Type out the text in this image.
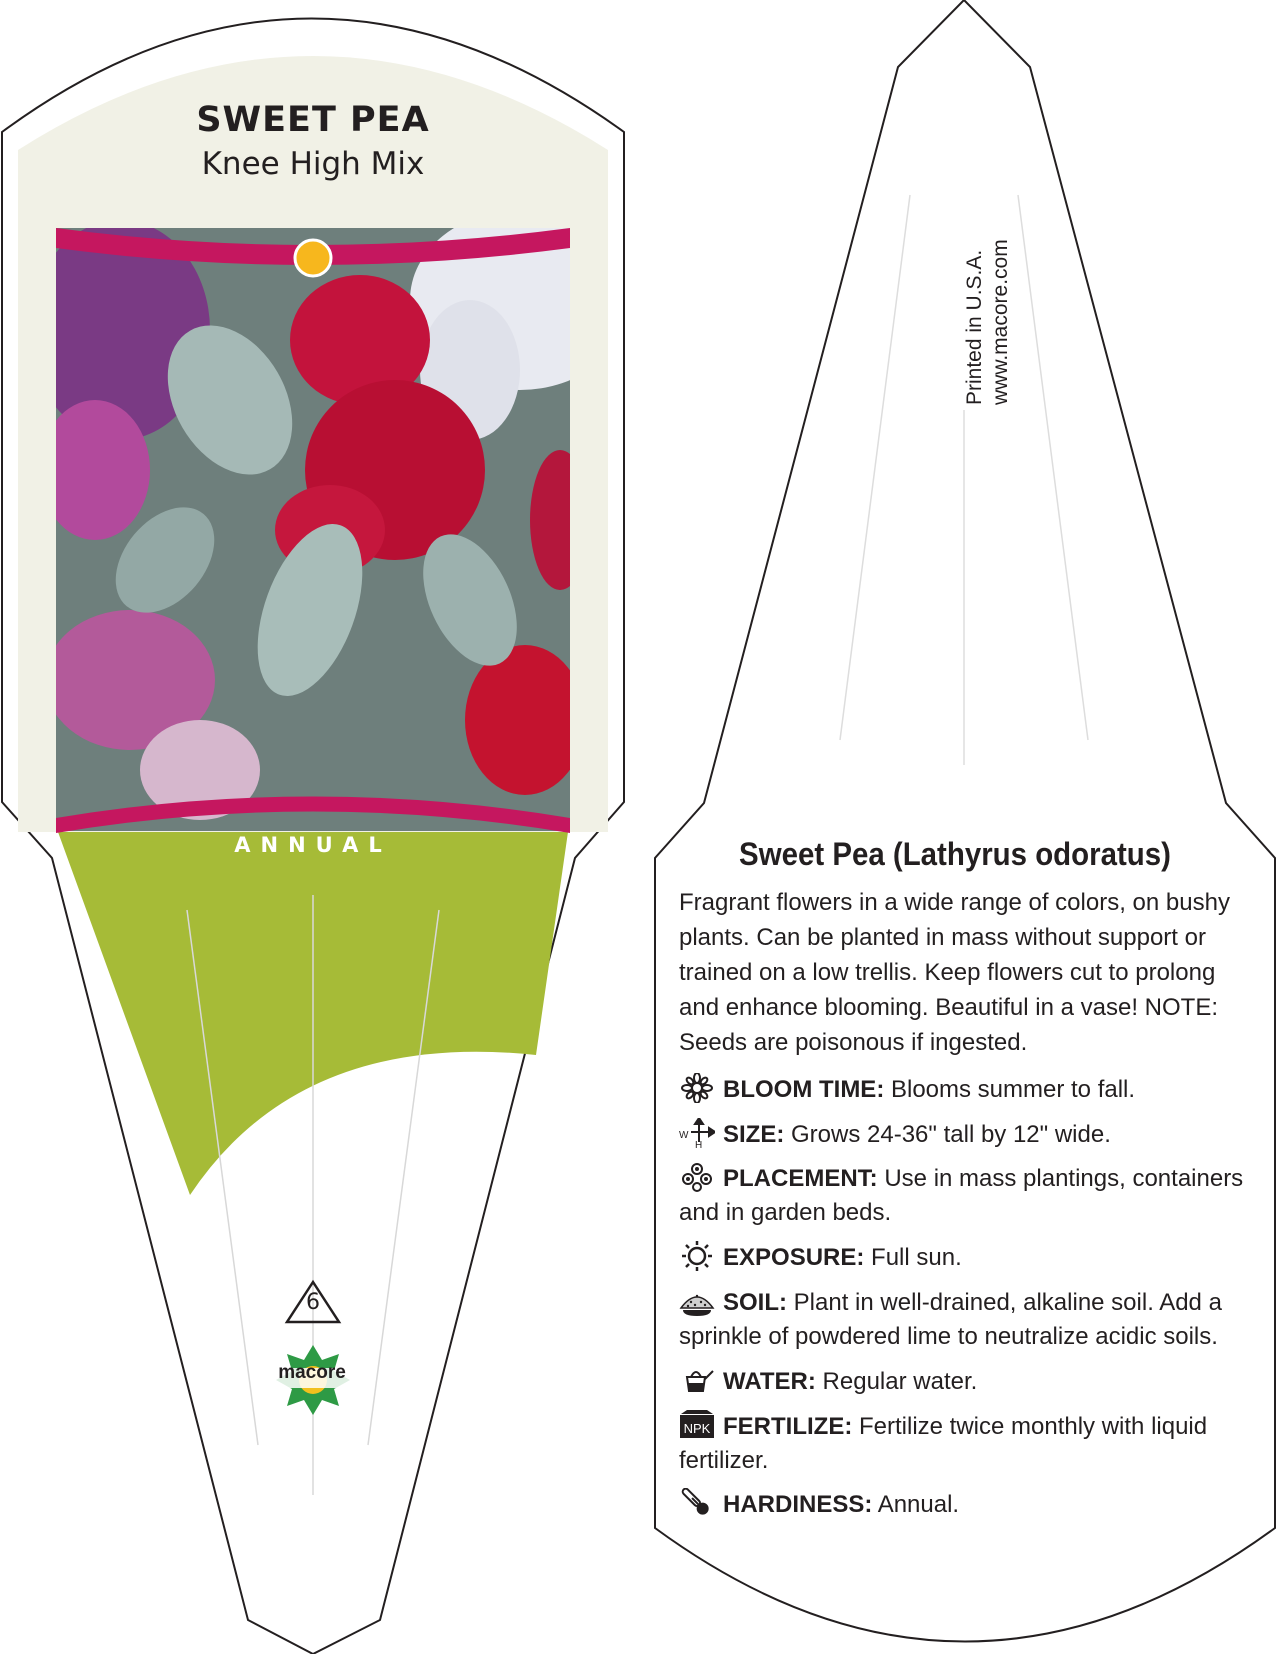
SWEET PEA
Knee High Mix
ANNUAL
6
macore
Printed in U.S.A. www.macore.com
Sweet Pea (Lathyrus odoratus)
Fragrant flowers in a wide range of colors, on bushy plants. Can be planted in mass without support or trained on a low trellis. Keep flowers cut to prolong and enhance blooming. Beautiful in a vase! NOTE: Seeds are poisonous if ingested.
BLOOM TIME: Blooms summer to fall.
W
H SIZE: Grows 24-36" tall by 12" wide.
PLACEMENT: Use in mass plantings, containers and in garden beds.
EXPOSURE: Full sun.
SOIL: Plant in well-drained, alkaline soil. Add a sprinkle of powdered lime to neutralize acidic soils.
WATER: Regular water.
NPK FERTILIZE: Fertilize twice monthly with liquid fertilizer.
HARDINESS: Annual.
